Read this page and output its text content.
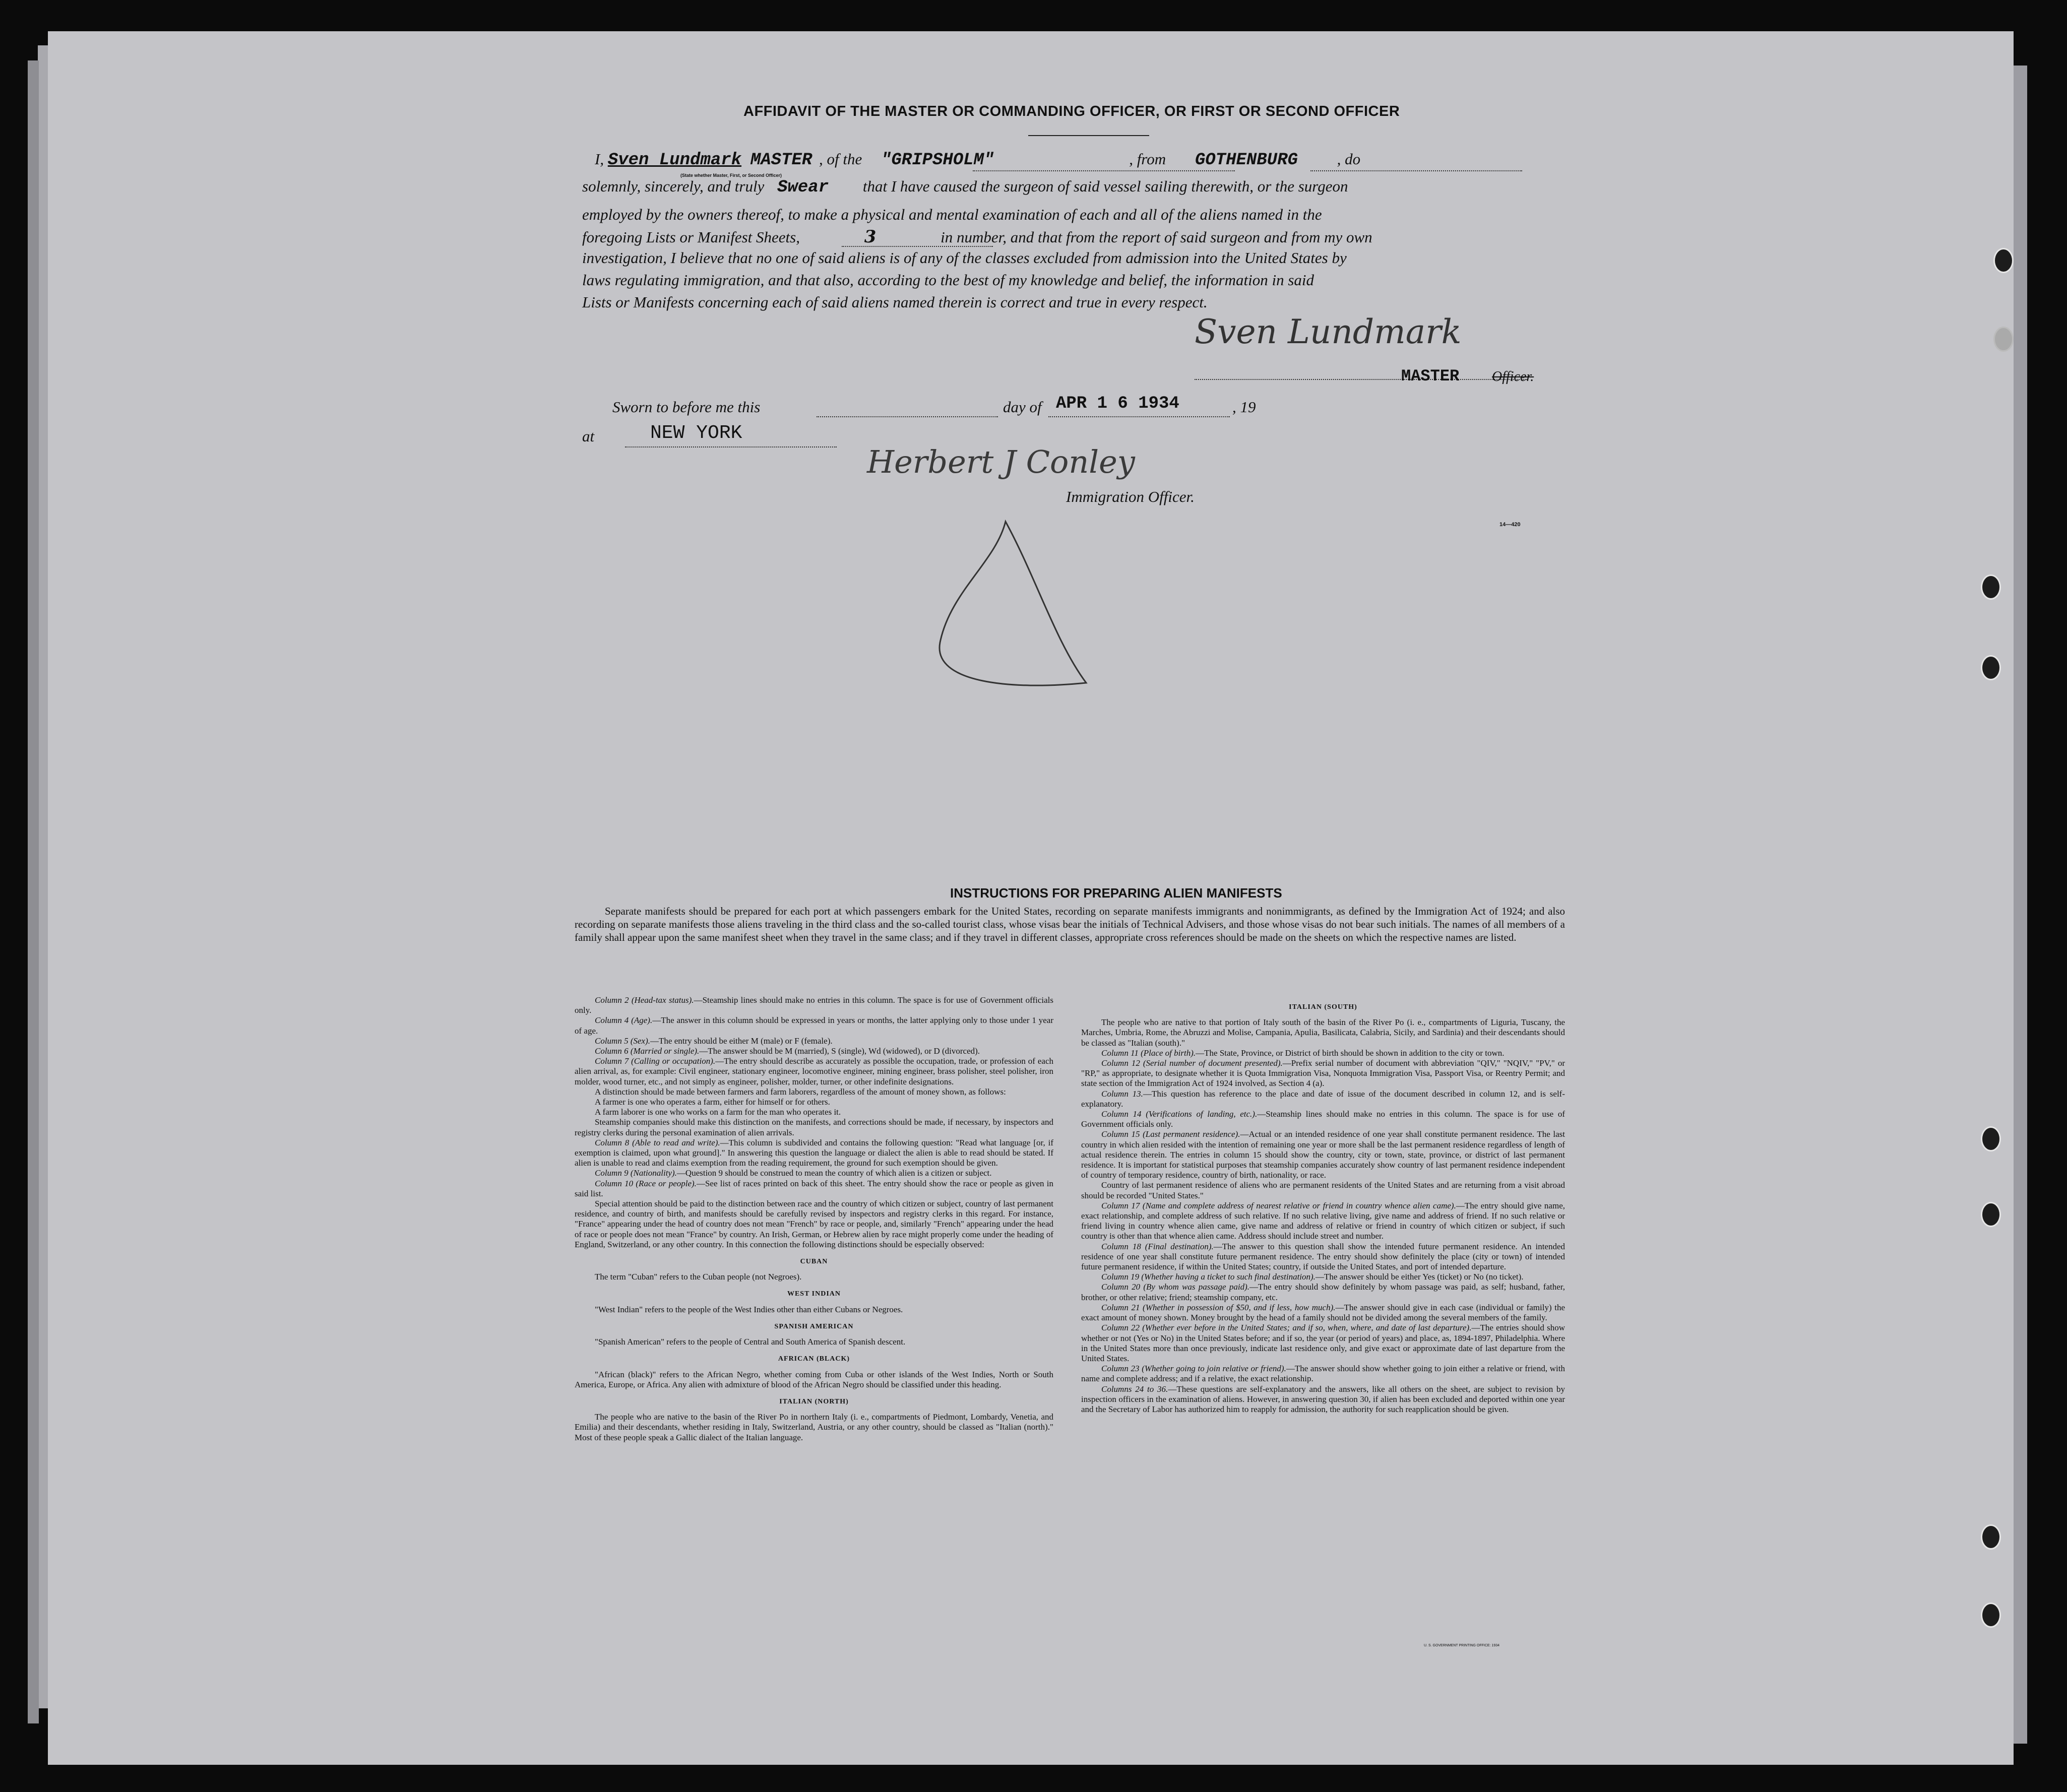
AFFIDAVIT OF THE MASTER OR COMMANDING OFFICER, OR FIRST OR SECOND OFFICER
I, Sven Lundmark MASTER , of the "GRIPSHOLM"	, from GOTHENBURG	, do
(State whether Master, First, or Second Officer)
solemnly, sincerely, and truly Swear that I have caused the surgeon of said vessel sailing therewith, or the surgeon
employed by the owners thereof, to make a physical and mental examination of each and all of the aliens named in the
foregoing Lists or Manifest Sheets,	3	in number, and that from the report of said surgeon and from my own
investigation, I believe that no one of said aliens is of any of the classes excluded from admission into the United States by
laws regulating immigration, and that also, according to the best of my knowledge and belief, the information in said
Lists or Manifests concerning each of said aliens named therein is correct and true in every respect.
Sven Lundmark
MASTER Officer.
Sworn to before me this	day of APR 1 6 1934	, 19
at	NEW YORK
Herbert J Conley
Immigration Officer.
14—420
INSTRUCTIONS FOR PREPARING ALIEN MANIFESTS
Separate manifests should be prepared for each port at which passengers embark for the United States, recording on separate manifests immigrants and nonimmigrants, as defined by the Immigration Act of 1924; and also recording on separate manifests those aliens traveling in the third class and the so-called tourist class, whose visas bear the initials of Technical Advisers, and those whose visas do not bear such initials. The names of all members of a family shall appear upon the same manifest sheet when they travel in the same class; and if they travel in different classes, appropriate cross references should be made on the sheets on which the respective names are listed.

Column 2 (Head-tax status).—Steamship lines should make no entries in this column. The space is for use of Government officials only.

Column 4 (Age).—The answer in this column should be expressed in years or months, the latter applying only to those under 1 year of age.

Column 5 (Sex).—The entry should be either M (male) or F (female).

Column 6 (Married or single).—The answer should be M (married), S (single), Wd (widowed), or D (divorced).

Column 7 (Calling or occupation).—The entry should describe as accurately as possible the occupation, trade, or profession of each alien arrival, as, for example: Civil engineer, stationary engineer, locomotive engineer, mining engineer, brass polisher, steel polisher, iron molder, wood turner, etc., and not simply as engineer, polisher, molder, turner, or other indefinite designations.

A distinction should be made between farmers and farm laborers, regardless of the amount of money shown, as follows:

A farmer is one who operates a farm, either for himself or for others.

A farm laborer is one who works on a farm for the man who operates it.

Steamship companies should make this distinction on the manifests, and corrections should be made, if necessary, by inspectors and registry clerks during the personal examination of alien arrivals.

Column 8 (Able to read and write).—This column is subdivided and contains the following question: "Read what language [or, if exemption is claimed, upon what ground]." In answering this question the language or dialect the alien is able to read should be stated. If alien is unable to read and claims exemption from the reading requirement, the ground for such exemption should be given.

Column 9 (Nationality).—Question 9 should be construed to mean the country of which alien is a citizen or subject.

Column 10 (Race or people).—See list of races printed on back of this sheet. The entry should show the race or people as given in said list.

Special attention should be paid to the distinction between race and the country of which citizen or subject, country of last permanent residence, and country of birth, and manifests should be carefully revised by inspectors and registry clerks in this regard. For instance, "France" appearing under the head of country does not mean "French" by race or people, and, similarly "French" appearing under the head of race or people does not mean "France" by country. An Irish, German, or Hebrew alien by race might properly come under the heading of England, Switzerland, or any other country. In this connection the following distinctions should be especially observed:

CUBAN

The term "Cuban" refers to the Cuban people (not Negroes).

WEST INDIAN

"West Indian" refers to the people of the West Indies other than either Cubans or Negroes.

SPANISH AMERICAN

"Spanish American" refers to the people of Central and South America of Spanish descent.

AFRICAN (BLACK)

"African (black)" refers to the African Negro, whether coming from Cuba or other islands of the West Indies, North or South America, Europe, or Africa. Any alien with admixture of blood of the African Negro should be classified under this heading.

ITALIAN (NORTH)

The people who are native to the basin of the River Po in northern Italy (i. e., compartments of Piedmont, Lombardy, Venetia, and Emilia) and their descendants, whether residing in Italy, Switzerland, Austria, or any other country, should be classed as "Italian (north)." Most of these people speak a Gallic dialect of the Italian language.

ITALIAN (SOUTH)

The people who are native to that portion of Italy south of the basin of the River Po (i. e., compartments of Liguria, Tuscany, the Marches, Umbria, Rome, the Abruzzi and Molise, Campania, Apulia, Basilicata, Calabria, Sicily, and Sardinia) and their descendants should be classed as "Italian (south)."

Column 11 (Place of birth).—The State, Province, or District of birth should be shown in addition to the city or town.

Column 12 (Serial number of document presented).—Prefix serial number of document with abbreviation "QIV," "NQIV," "PV," or "RP," as appropriate, to designate whether it is Quota Immigration Visa, Nonquota Immigration Visa, Passport Visa, or Reentry Permit; and state section of the Immigration Act of 1924 involved, as Section 4 (a).

Column 13.—This question has reference to the place and date of issue of the document described in column 12, and is self-explanatory.

Column 14 (Verifications of landing, etc.).—Steamship lines should make no entries in this column. The space is for use of Government officials only.

Column 15 (Last permanent residence).—Actual or an intended residence of one year shall constitute permanent residence. The last country in which alien resided with the intention of remaining one year or more shall be the last permanent residence regardless of length of actual residence therein. The entries in column 15 should show the country, city or town, state, province, or district of last permanent residence. It is important for statistical purposes that steamship companies accurately show country of last permanent residence independent of country of temporary residence, country of birth, nationality, or race.

Country of last permanent residence of aliens who are permanent residents of the United States and are returning from a visit abroad should be recorded "United States."

Column 17 (Name and complete address of nearest relative or friend in country whence alien came).—The entry should give name, exact relationship, and complete address of such relative. If no such relative living, give name and address of friend. If no such relative or friend living in country whence alien came, give name and address of relative or friend in country of which citizen or subject, if such country is other than that whence alien came. Address should include street and number.

Column 18 (Final destination).—The answer to this question shall show the intended future permanent residence. An intended residence of one year shall constitute future permanent residence. The entry should show definitely the place (city or town) of intended future permanent residence, if within the United States; country, if outside the United States, and port of intended departure.

Column 19 (Whether having a ticket to such final destination).—The answer should be either Yes (ticket) or No (no ticket).

Column 20 (By whom was passage paid).—The entry should show definitely by whom passage was paid, as self; husband, father, brother, or other relative; friend; steamship company, etc.

Column 21 (Whether in possession of $50, and if less, how much).—The answer should give in each case (individual or family) the exact amount of money shown. Money brought by the head of a family should not be divided among the several members of the family.

Column 22 (Whether ever before in the United States; and if so, when, where, and date of last departure).—The entries should show whether or not (Yes or No) in the United States before; and if so, the year (or period of years) and place, as, 1894-1897, Philadelphia. Where in the United States more than once previously, indicate last residence only, and give exact or approximate date of last departure from the United States.

Column 23 (Whether going to join relative or friend).—The answer should show whether going to join either a relative or friend, with name and complete address; and if a relative, the exact relationship.

Columns 24 to 36.—These questions are self-explanatory and the answers, like all others on the sheet, are subject to revision by inspection officers in the examination of aliens. However, in answering question 30, if alien has been excluded and deported within one year and the Secretary of Labor has authorized him to reapply for admission, the authority for such reapplication should be given.

U. S. GOVERNMENT PRINTING OFFICE: 1934
